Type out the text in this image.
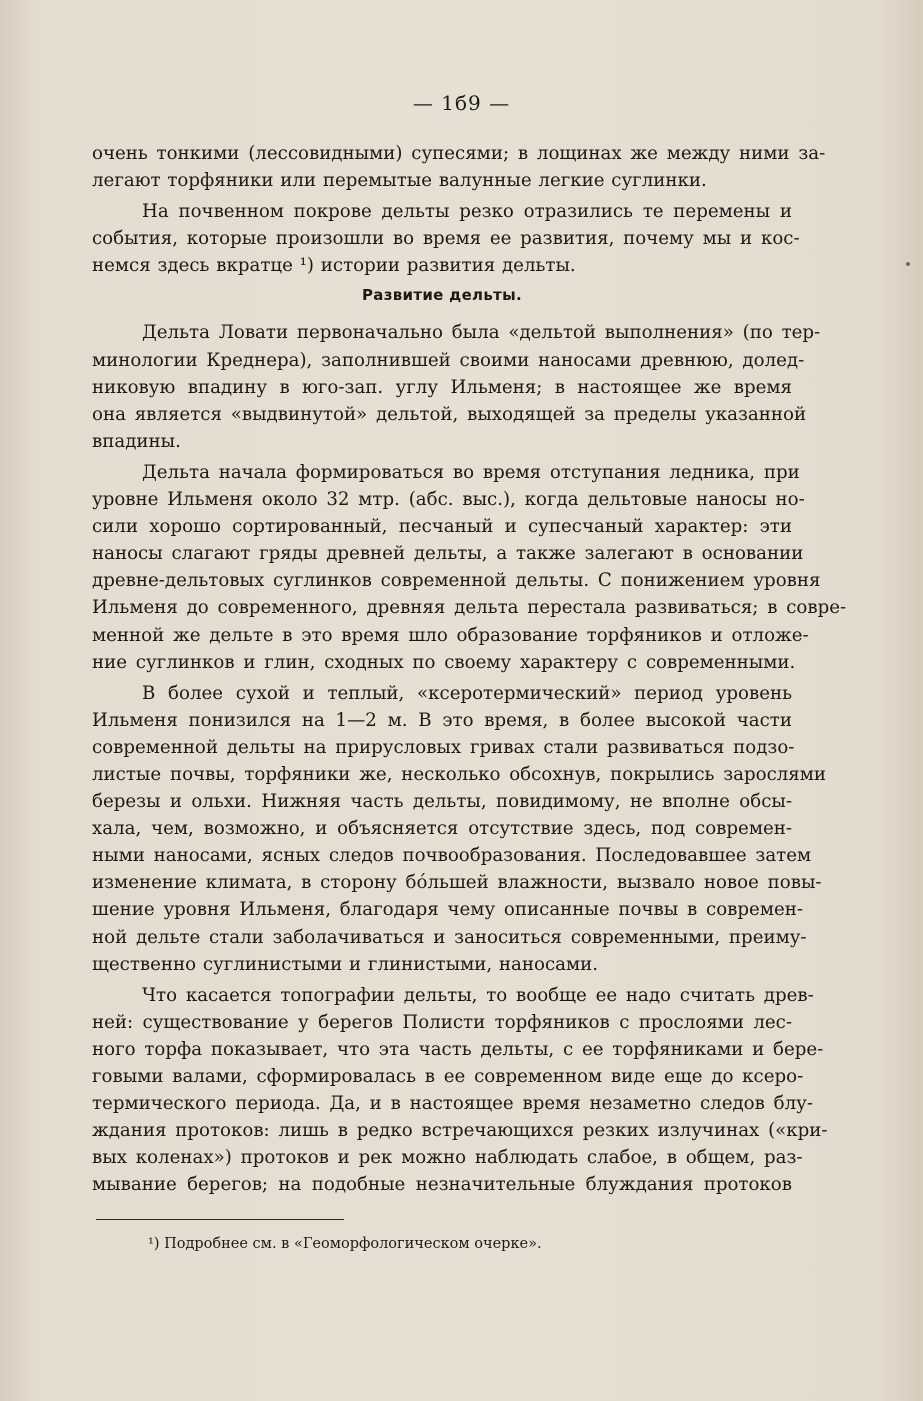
— 1б9 —

очень тонкими (лессовидными) супесями; в лощинах же между ними за-
легают торфяники или перемытые валунные легкие суглинки.

На почвенном покрове дельты резко отразились те перемены и
события, которые произошли во время ее развития, почему мы и кос-
немся здесь вкратце ¹) истории развития дельты.

Развитие дельты.

Дельта Ловати первоначально была «дельтой выполнения» (по тер-
минологии Креднера), заполнившей своими наносами древнюю, долед-
никовую впадину в юго-зап. углу Ильменя; в настоящее же время
она является «выдвинутой» дельтой, выходящей за пределы указанной
впадины.

Дельта начала формироваться во время отступания ледника, при
уровне Ильменя около 32 мтр. (абс. выс.), когда дельтовые наносы но-
сили хорошо сортированный, песчаный и супесчаный характер: эти
наносы слагают гряды древней дельты, а также залегают в основании
древне-дельтовых суглинков современной дельты. С понижением уровня
Ильменя до современного, древняя дельта перестала развиваться; в совре-
менной же дельте в это время шло образование торфяников и отложе-
ние суглинков и глин, сходных по своему характеру с современными.

В более сухой и теплый, «ксеротермический» период уровень
Ильменя понизился на 1—2 м. В это время, в более высокой части
современной дельты на прирусловых гривах стали развиваться подзо-
листые почвы, торфяники же, несколько обсохнув, покрылись зарослями
березы и ольхи. Нижняя часть дельты, повидимому, не вполне обсы-
хала, чем, возможно, и объясняется отсутствие здесь, под современ-
ными наносами, ясных следов почвообразования. Последовавшее затем
изменение климата, в сторону бóльшей влажности, вызвало новое повы-
шение уровня Ильменя, благодаря чему описанные почвы в современ-
ной дельте стали заболачиваться и заноситься современными, преиму-
щественно суглинистыми и глинистыми, наносами.

Что касается топографии дельты, то вообще ее надо считать древ-
ней: существование у берегов Полисти торфяников с прослоями лес-
ного торфа показывает, что эта часть дельты, с ее торфяниками и бере-
говыми валами, сформировалась в ее современном виде еще до ксеро-
термического периода. Да, и в настоящее время незаметно следов блу-
ждания протоков: лишь в редко встречающихся резких излучинах («кри-
вых коленах») протоков и рек можно наблюдать слабое, в общем, раз-
мывание берегов; на подобные незначительные блуждания протоков

¹) Подробнее см. в «Геоморфологическом очерке».
